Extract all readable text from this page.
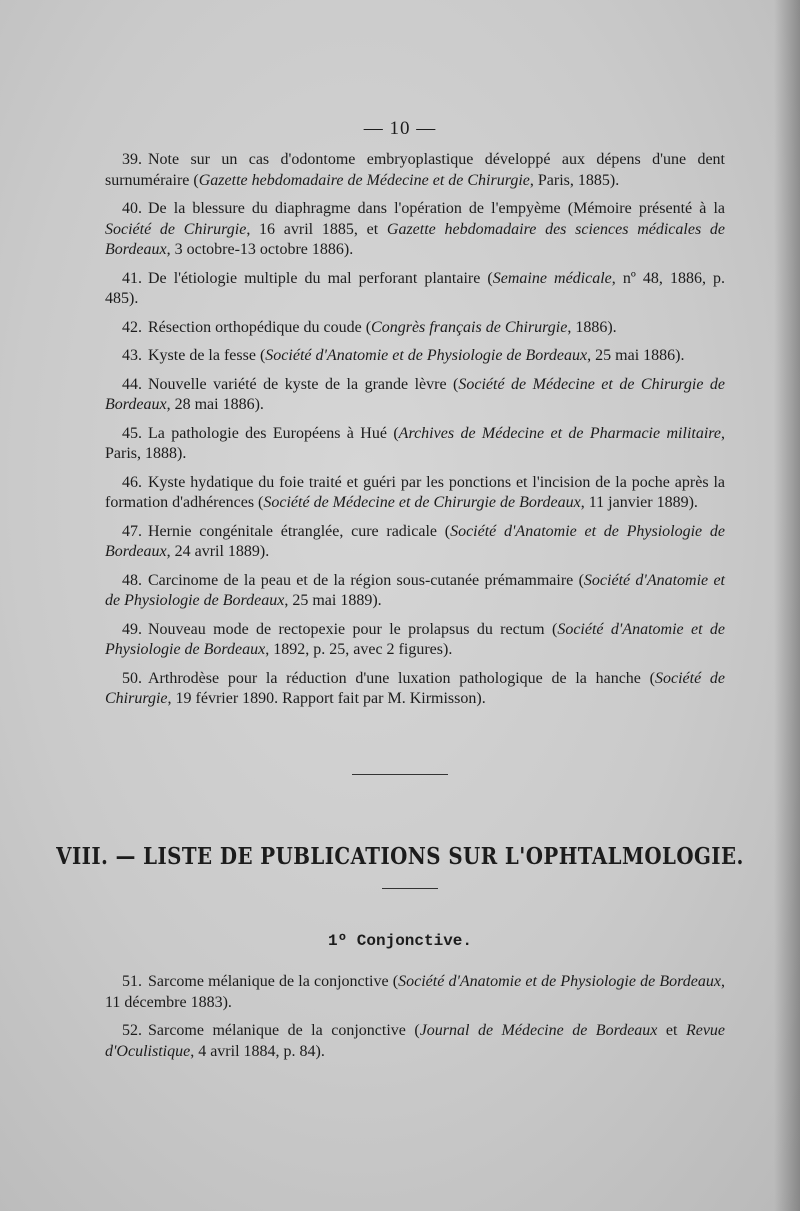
— 10 —

39. Note sur un cas d'odontome embryoplastique développé aux dépens d'une dent surnuméraire (Gazette hebdomadaire de Médecine et de Chirurgie, Paris, 1885).

40. De la blessure du diaphragme dans l'opération de l'empyème (Mémoire présenté à la Société de Chirurgie, 16 avril 1885, et Gazette hebdomadaire des sciences médicales de Bordeaux, 3 octobre-13 octobre 1886).

41. De l'étiologie multiple du mal perforant plantaire (Semaine médicale, nº 48, 1886, p. 485).

42. Résection orthopédique du coude (Congrès français de Chirurgie, 1886).

43. Kyste de la fesse (Société d'Anatomie et de Physiologie de Bordeaux, 25 mai 1886).

44. Nouvelle variété de kyste de la grande lèvre (Société de Médecine et de Chirurgie de Bordeaux, 28 mai 1886).

45. La pathologie des Européens à Hué (Archives de Médecine et de Pharmacie militaire, Paris, 1888).

46. Kyste hydatique du foie traité et guéri par les ponctions et l'incision de la poche après la formation d'adhérences (Société de Médecine et de Chirurgie de Bordeaux, 11 janvier 1889).

47. Hernie congénitale étranglée, cure radicale (Société d'Anatomie et de Physiologie de Bordeaux, 24 avril 1889).

48. Carcinome de la peau et de la région sous-cutanée prémammaire (Société d'Anatomie et de Physiologie de Bordeaux, 25 mai 1889).

49. Nouveau mode de rectopexie pour le prolapsus du rectum (Société d'Anatomie et de Physiologie de Bordeaux, 1892, p. 25, avec 2 figures).

50. Arthrodèse pour la réduction d'une luxation pathologique de la hanche (Société de Chirurgie, 19 février 1890. Rapport fait par M. Kirmisson).

VIII. — LISTE DE PUBLICATIONS SUR L'OPHTALMOLOGIE.
1º Conjonctive.

51. Sarcome mélanique de la conjonctive (Société d'Anatomie et de Physiologie de Bordeaux, 11 décembre 1883).

52. Sarcome mélanique de la conjonctive (Journal de Médecine de Bordeaux et Revue d'Oculistique, 4 avril 1884, p. 84).
